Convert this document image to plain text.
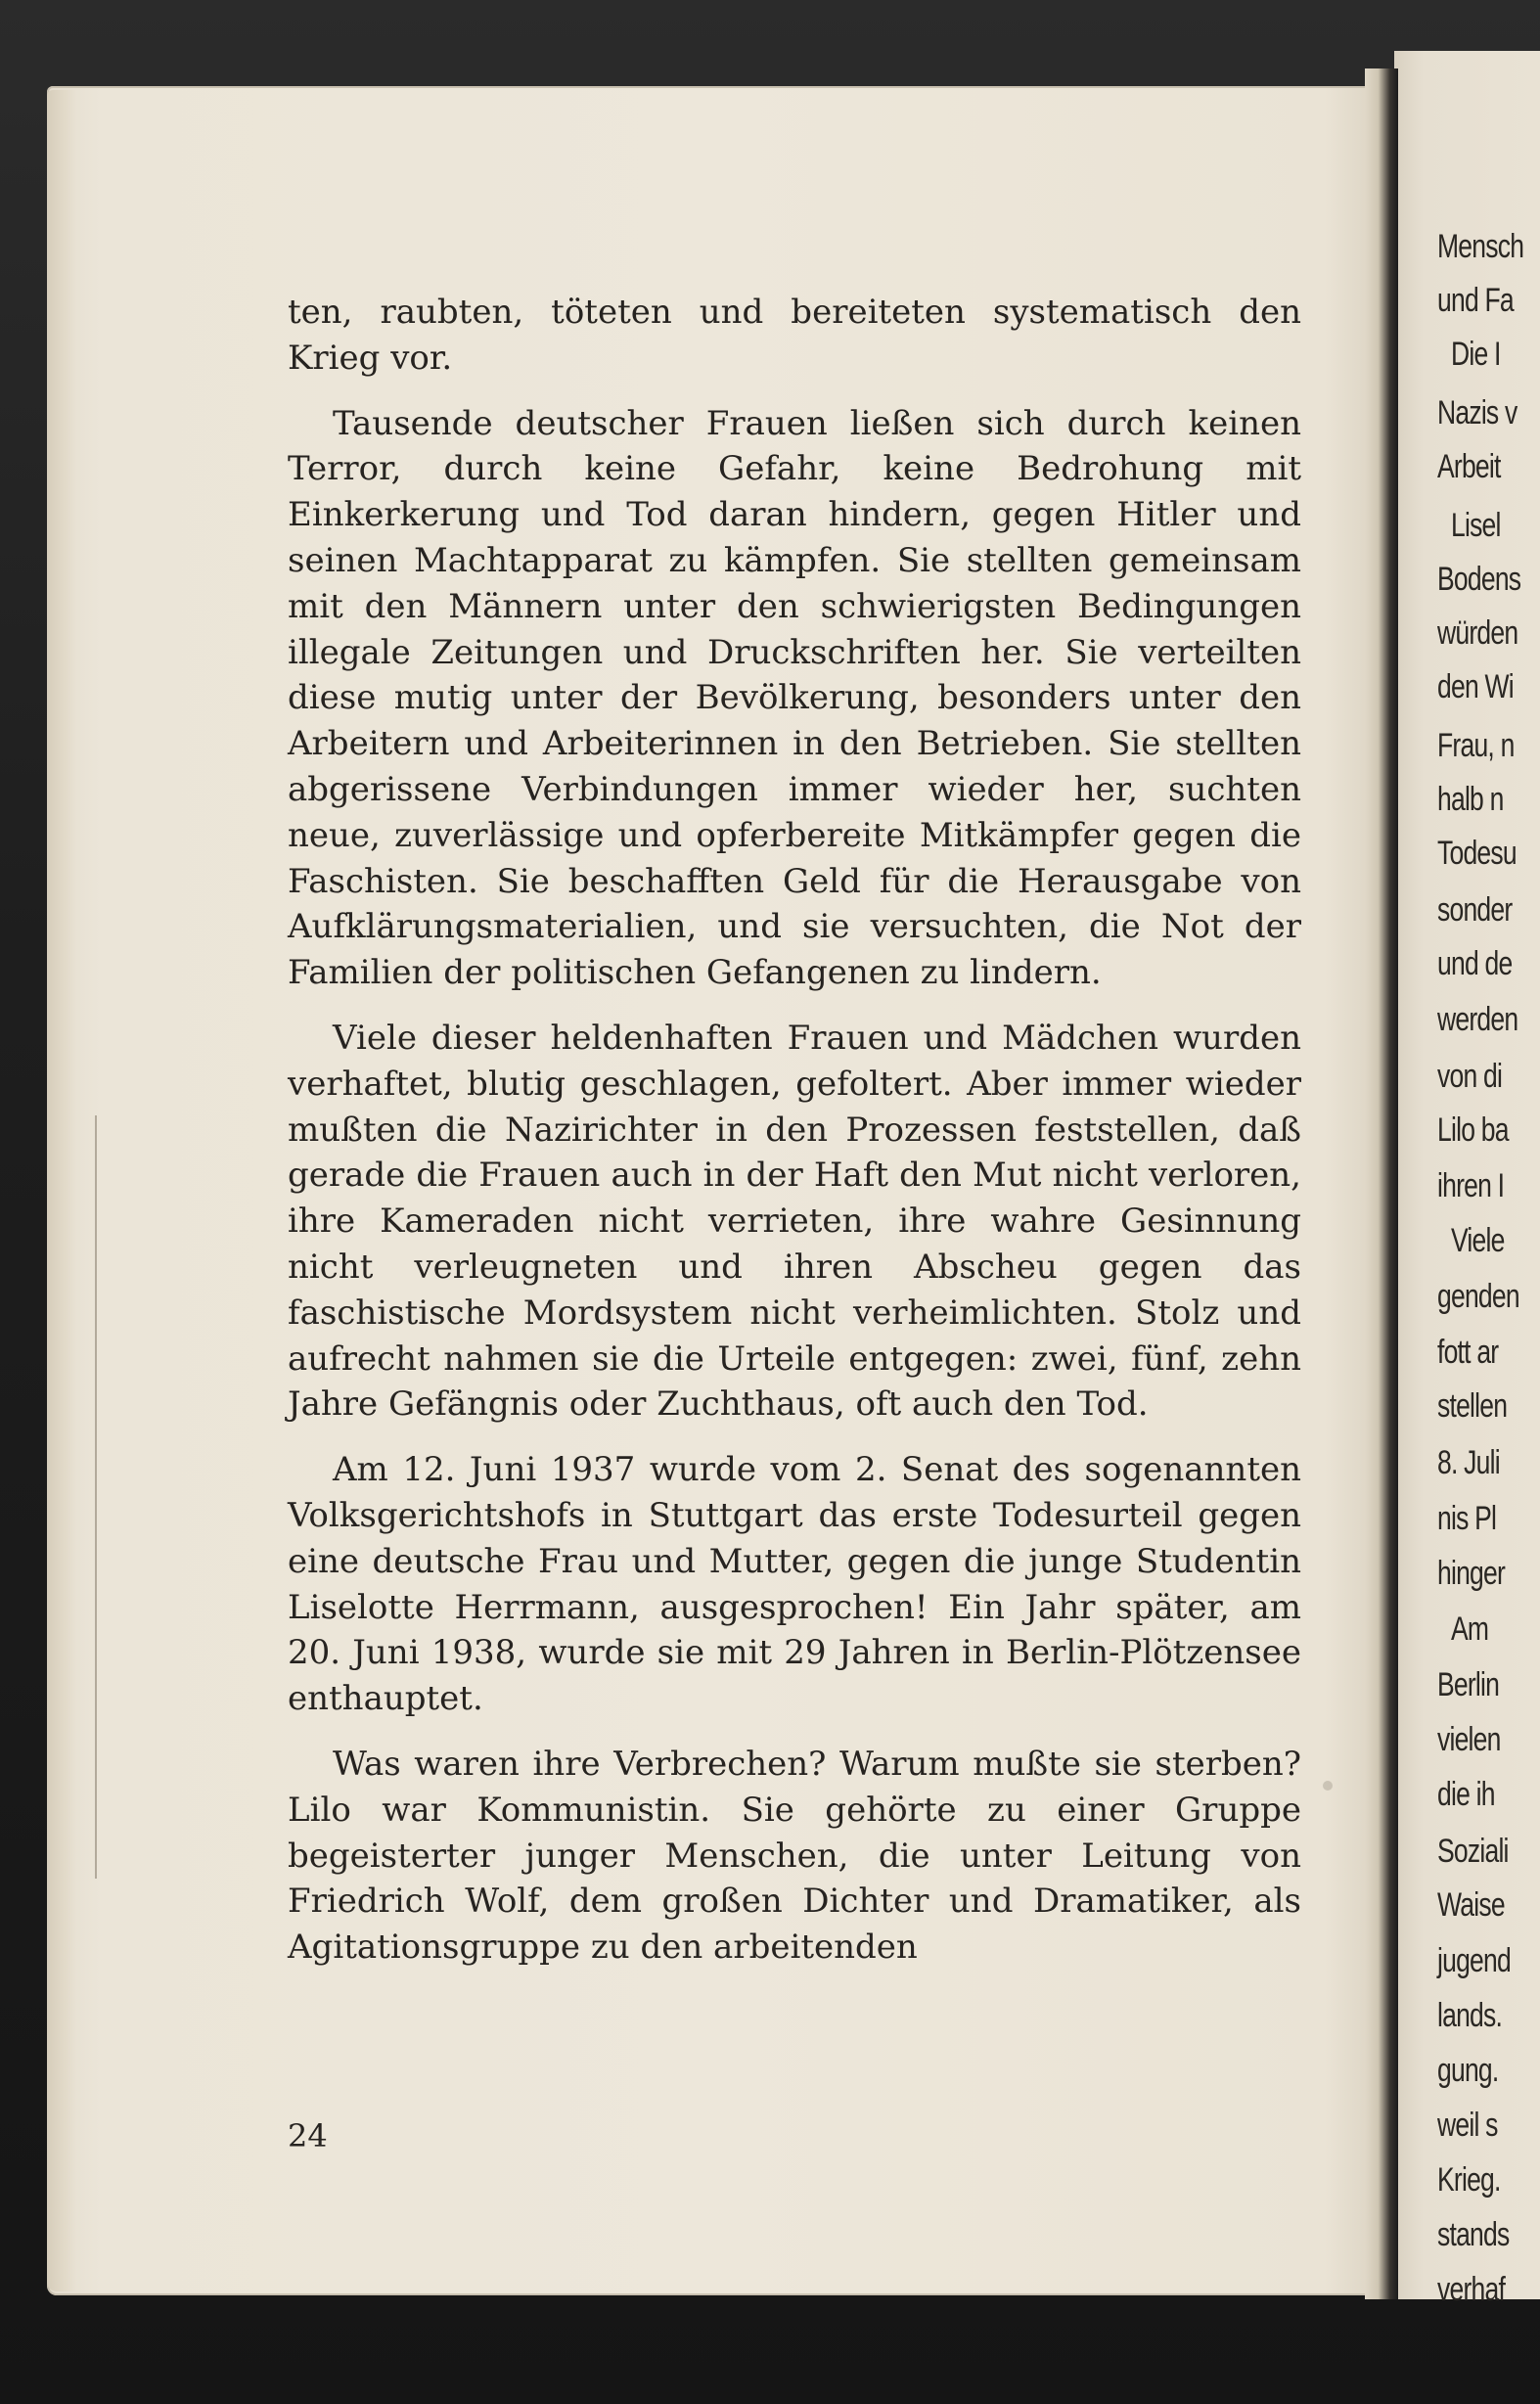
Mensch
und Fa
Die I
Nazis v
Arbeit
Lisel
Bodens
würden
den Wi
Frau, n
halb n
Todesu
sonder
und de
werden
von di
Lilo ba
ihren I
Viele
genden
fott ar
stellen
8. Juli
nis Pl
hinger
Am
Berlin
vielen
die ih
Soziali
Waise
jugend
lands.
gung.
weil s
Krieg.
stands
verhaf

ten, raubten, töteten und bereiteten systematisch den Krieg vor.

Tausende deutscher Frauen ließen sich durch keinen Terror, durch keine Gefahr, keine Bedrohung mit Einkerkerung und Tod daran hindern, gegen Hitler und seinen Machtapparat zu kämpfen. Sie stellten gemeinsam mit den Männern unter den schwierigsten Bedingungen illegale Zeitungen und Druckschriften her. Sie verteilten diese mutig unter der Bevölkerung, besonders unter den Arbeitern und Arbeiterinnen in den Betrieben. Sie stellten abgerissene Verbindungen immer wieder her, suchten neue, zuverlässige und opferbereite Mitkämpfer gegen die Faschisten. Sie beschafften Geld für die Herausgabe von Aufklärungsmaterialien, und sie versuchten, die Not der Familien der politischen Gefangenen zu lindern.

Viele dieser heldenhaften Frauen und Mädchen wurden verhaftet, blutig geschlagen, gefoltert. Aber immer wieder mußten die Nazirichter in den Prozessen feststellen, daß gerade die Frauen auch in der Haft den Mut nicht verloren, ihre Kameraden nicht verrieten, ihre wahre Gesinnung nicht verleugneten und ihren Abscheu gegen das faschistische Mordsystem nicht verheimlichten. Stolz und aufrecht nahmen sie die Urteile entgegen: zwei, fünf, zehn Jahre Gefängnis oder Zuchthaus, oft auch den Tod.

Am 12. Juni 1937 wurde vom 2. Senat des sogenannten Volksgerichtshofs in Stuttgart das erste Todesurteil gegen eine deutsche Frau und Mutter, gegen die junge Studentin Liselotte Herrmann, ausgesprochen! Ein Jahr später, am 20. Juni 1938, wurde sie mit 29 Jahren in Berlin-Plötzensee enthauptet.

Was waren ihre Verbrechen? Warum mußte sie sterben? Lilo war Kommunistin. Sie gehörte zu einer Gruppe begeisterter junger Menschen, die unter Leitung von Friedrich Wolf, dem großen Dichter und Dramatiker, als Agitationsgruppe zu den arbeitenden

24
